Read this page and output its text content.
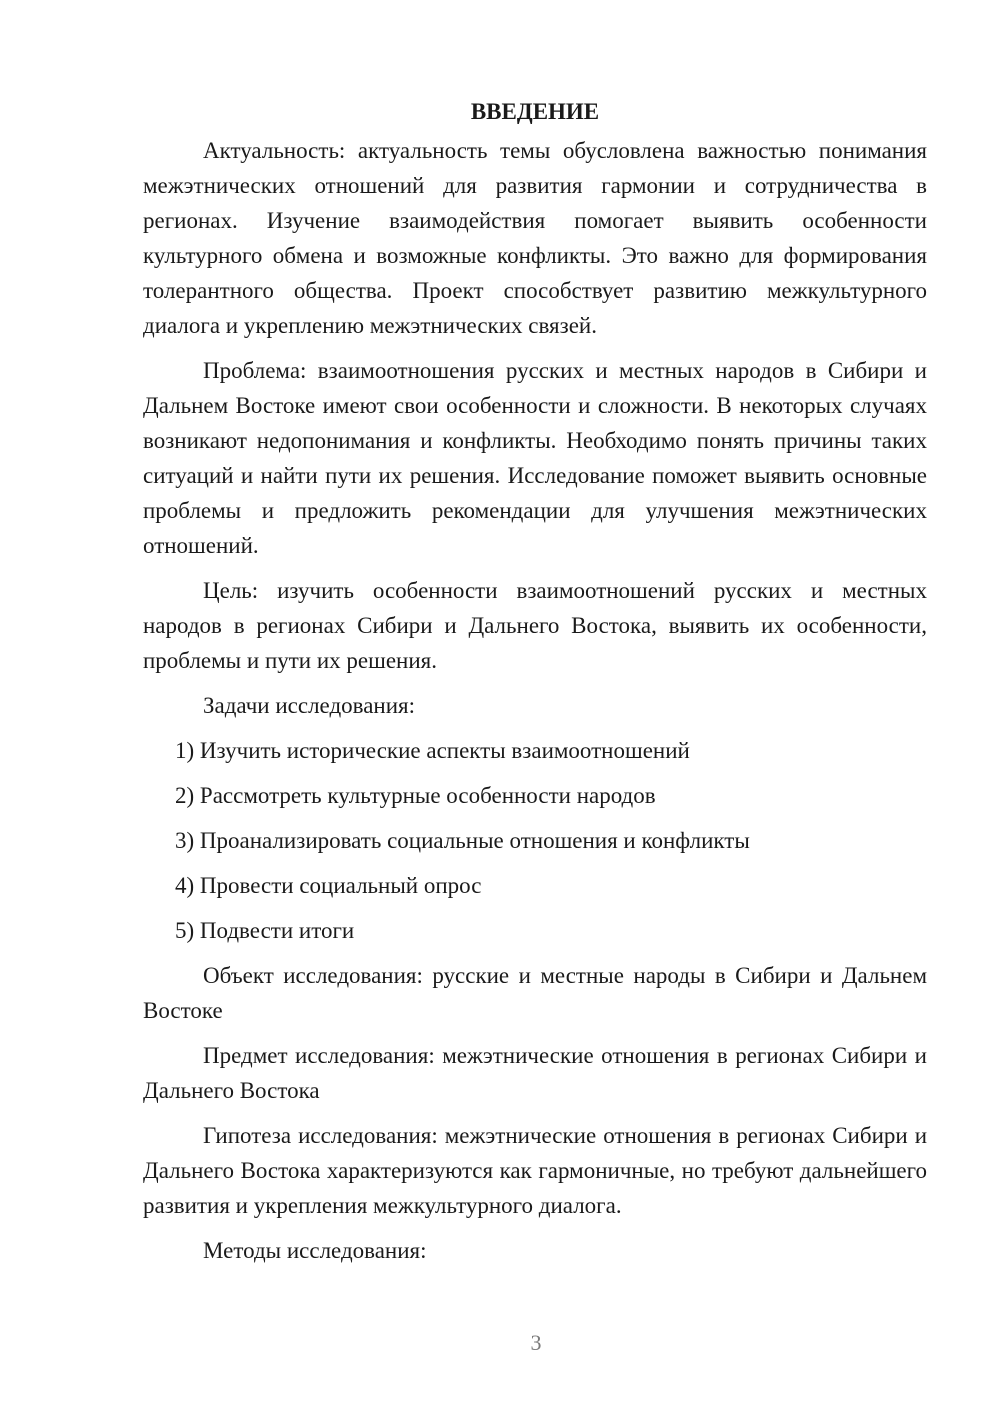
ВВЕДЕНИЕ

Актуальность: актуальность темы обусловлена важностью понимания межэтнических отношений для развития гармонии и сотрудничества в регионах. Изучение взаимодействия помогает выявить особенности культурного обмена и возможные конфликты. Это важно для формирования толерантного общества. Проект способствует развитию межкультурного диалога и укреплению межэтнических связей.

Проблема: взаимоотношения русских и местных народов в Сибири и Дальнем Востоке имеют свои особенности и сложности. В некоторых случаях возникают недопонимания и конфликты. Необходимо понять причины таких ситуаций и найти пути их решения. Исследование поможет выявить основные проблемы и предложить рекомендации для улучшения межэтнических отношений.

Цель: изучить особенности взаимоотношений русских и местных народов в регионах Сибири и Дальнего Востока, выявить их особенности, проблемы и пути их решения.

Задачи исследования:

1) Изучить исторические аспекты взаимоотношений
2) Рассмотреть культурные особенности народов
3) Проанализировать социальные отношения и конфликты
4) Провести социальный опрос
5) Подвести итоги

Объект исследования: русские и местные народы в Сибири и Дальнем Востоке

Предмет исследования: межэтнические отношения в регионах Сибири и Дальнего Востока

Гипотеза исследования: межэтнические отношения в регионах Сибири и Дальнего Востока характеризуются как гармоничные, но требуют дальнейшего развития и укрепления межкультурного диалога.

Методы исследования:

3
